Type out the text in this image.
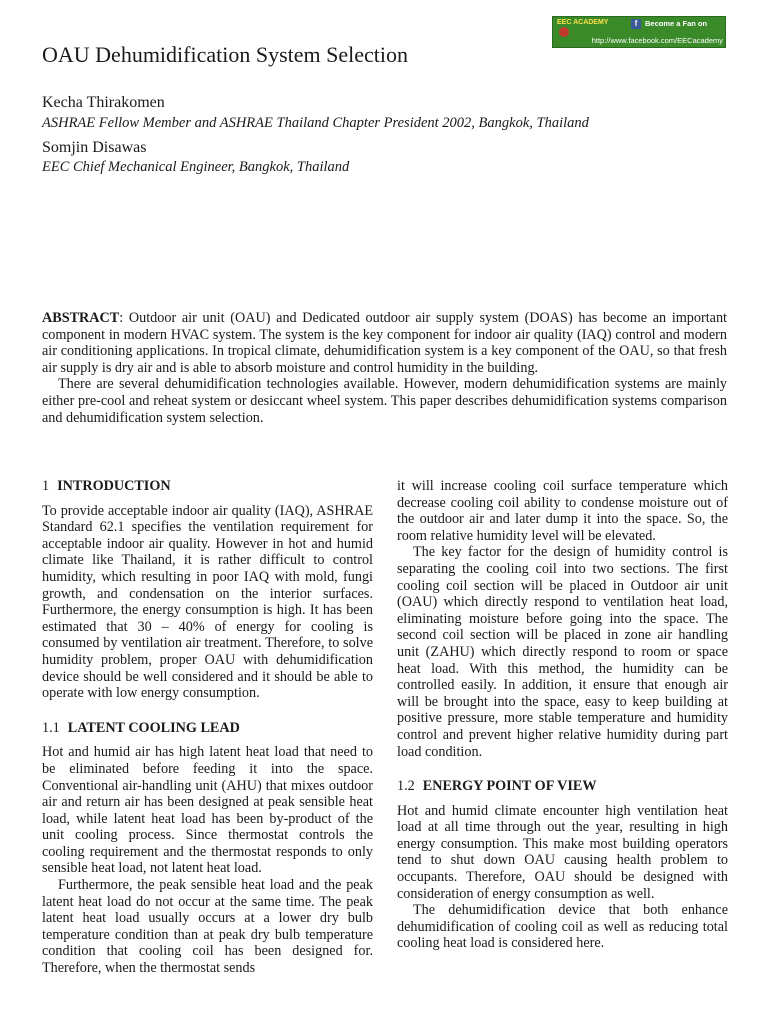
EEC ACADEMY	f	Become a Fan on
http://www.facebook.com/EECacademy
OAU Dehumidification System Selection

Kecha Thirakomen

ASHRAE Fellow Member and ASHRAE Thailand Chapter President 2002, Bangkok, Thailand

Somjin Disawas

EEC Chief Mechanical Engineer, Bangkok, Thailand

ABSTRACT: Outdoor air unit (OAU) and Dedicated outdoor air supply system (DOAS) has become an important component in modern HVAC system. The system is the key component for indoor air quality (IAQ) control and modern air conditioning applications. In tropical climate, dehumidification system is a key component of the OAU, so that fresh air supply is dry air and is able to absorb moisture and control humidity in the building.

There are several dehumidification technologies available. However, modern dehumidification systems are mainly either pre-cool and reheat system or desiccant wheel system. This paper describes dehumidification systems comparison and dehumidification system selection.

1 INTRODUCTION

To provide acceptable indoor air quality (IAQ), ASHRAE Standard 62.1 specifies the ventilation requirement for acceptable indoor air quality. However in hot and humid climate like Thailand, it is rather difficult to control humidity, which resulting in poor IAQ with mold, fungi growth, and condensation on the interior surfaces. Furthermore, the energy consumption is high. It has been estimated that 30 – 40% of energy for cooling is consumed by ventilation air treatment. Therefore, to solve humidity problem, proper OAU with dehumidification device should be well considered and it should be able to operate with low energy consumption.

1.1 LATENT COOLING LEAD

Hot and humid air has high latent heat load that need to be eliminated before feeding it into the space. Conventional air-handling unit (AHU) that mixes outdoor air and return air has been designed at peak sensible heat load, while latent heat load has been by-product of the unit cooling process. Since thermostat controls the cooling requirement and the thermostat responds to only sensible heat load, not latent heat load.

Furthermore, the peak sensible heat load and the peak latent heat load do not occur at the same time. The peak latent heat load usually occurs at a lower dry bulb temperature condition than at peak dry bulb temperature condition that cooling coil has been designed for. Therefore, when the thermostat sends

it will increase cooling coil surface temperature which decrease cooling coil ability to condense moisture out of the outdoor air and later dump it into the space. So, the room relative humidity level will be elevated.

The key factor for the design of humidity control is separating the cooling coil into two sections. The first cooling coil section will be placed in Outdoor air unit (OAU) which directly respond to ventilation heat load, eliminating moisture before going into the space. The second coil section will be placed in zone air handling unit (ZAHU) which directly respond to room or space heat load. With this method, the humidity can be controlled easily. In addition, it ensure that enough air will be brought into the space, easy to keep building at positive pressure, more stable temperature and humidity control and prevent higher relative humidity during part load condition.

1.2 ENERGY POINT OF VIEW

Hot and humid climate encounter high ventilation heat load at all time through out the year, resulting in high energy consumption. This make most building operators tend to shut down OAU causing health problem to occupants. Therefore, OAU should be designed with consideration of energy consumption as well.

The dehumidification device that both enhance dehumidification of cooling coil as well as reducing total cooling heat load is considered here.
